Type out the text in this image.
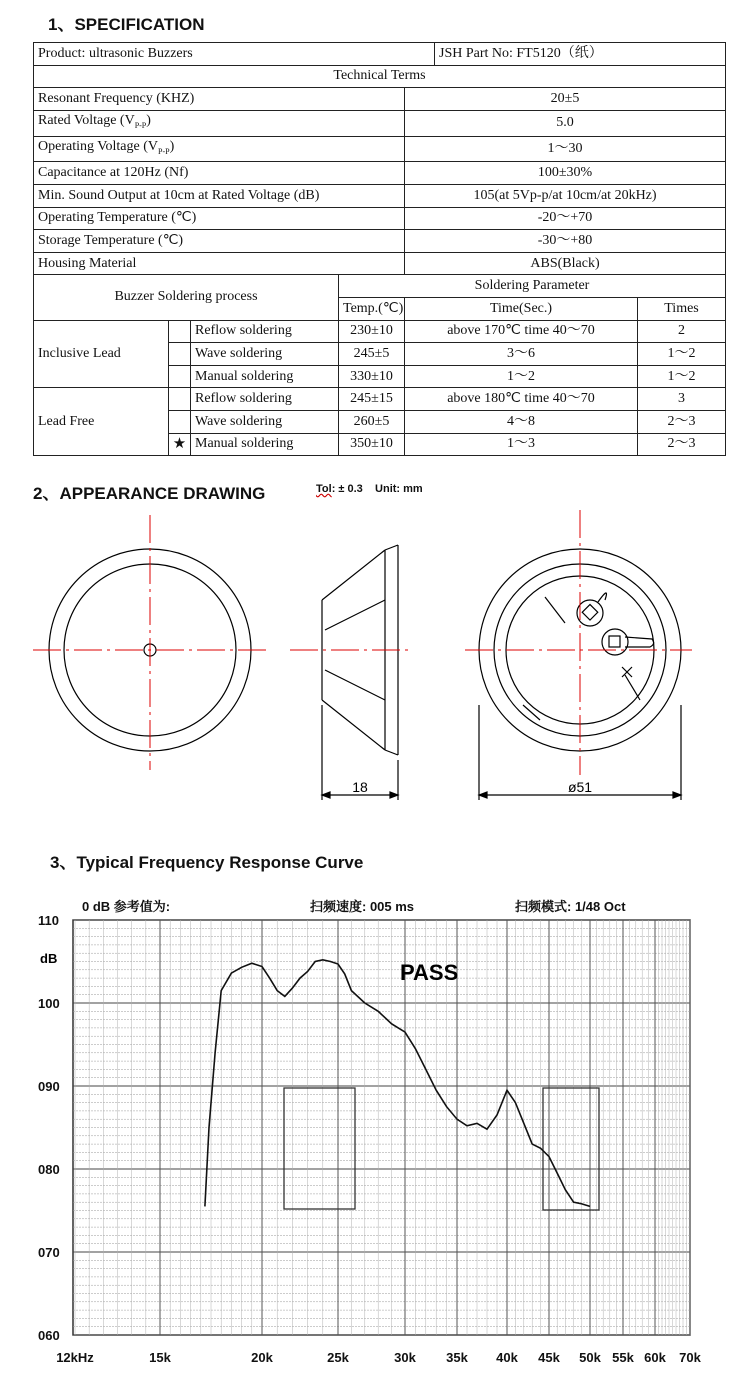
1、SPECIFICATION
Product: ultrasonic Buzzers					JSH Part No: FT5120（纸）	
Technical Terms						
Resonant Frequency (KHZ)				20±5		
Rated Voltage $(V_{P-P})$				5.0		
Operating Voltage $(V_{P-P})$				1～30		
Capacitance at 120Hz (Nf)				100±30%		
Min. Sound Output at 10cm at Rated Voltage (dB)				105(at 5Vp-p/at 10cm/at 20kHz)		
Operating Temperature (℃)				-20～+70		
Storage Temperature (℃)				-30～+80		
Housing Material				ABS(Black)		
Buzzer Soldering process			Soldering Parameter			
			Temp.(℃)	Time(Sec.)		Times
Inclusive Lead		Reflow soldering	230±10	above 170℃ time 40～70		2
		Wave soldering	245±5	3～6		1～2
		Manual soldering	330±10	1～2		1～2
Lead Free		Reflow soldering	245±15	above 180℃ time 40～70		3
		Wave soldering	260±5	4～8		2～3
	★	Manual soldering	350±10	1～3		2～3
2、APPEARANCE DRAWING	Tol: ± 0.3 Unit: mm
18	ø51
3、Typical Frequency Response Curve
0 dB 参考值为:	扫频速度: 005 ms	扫频模式: 1/48 Oct
110
100
090
080
070
060
12kHz	15k	20k	25k	30k 35k 40k 45k 50k 55k 60k 70k
dB
PASS
